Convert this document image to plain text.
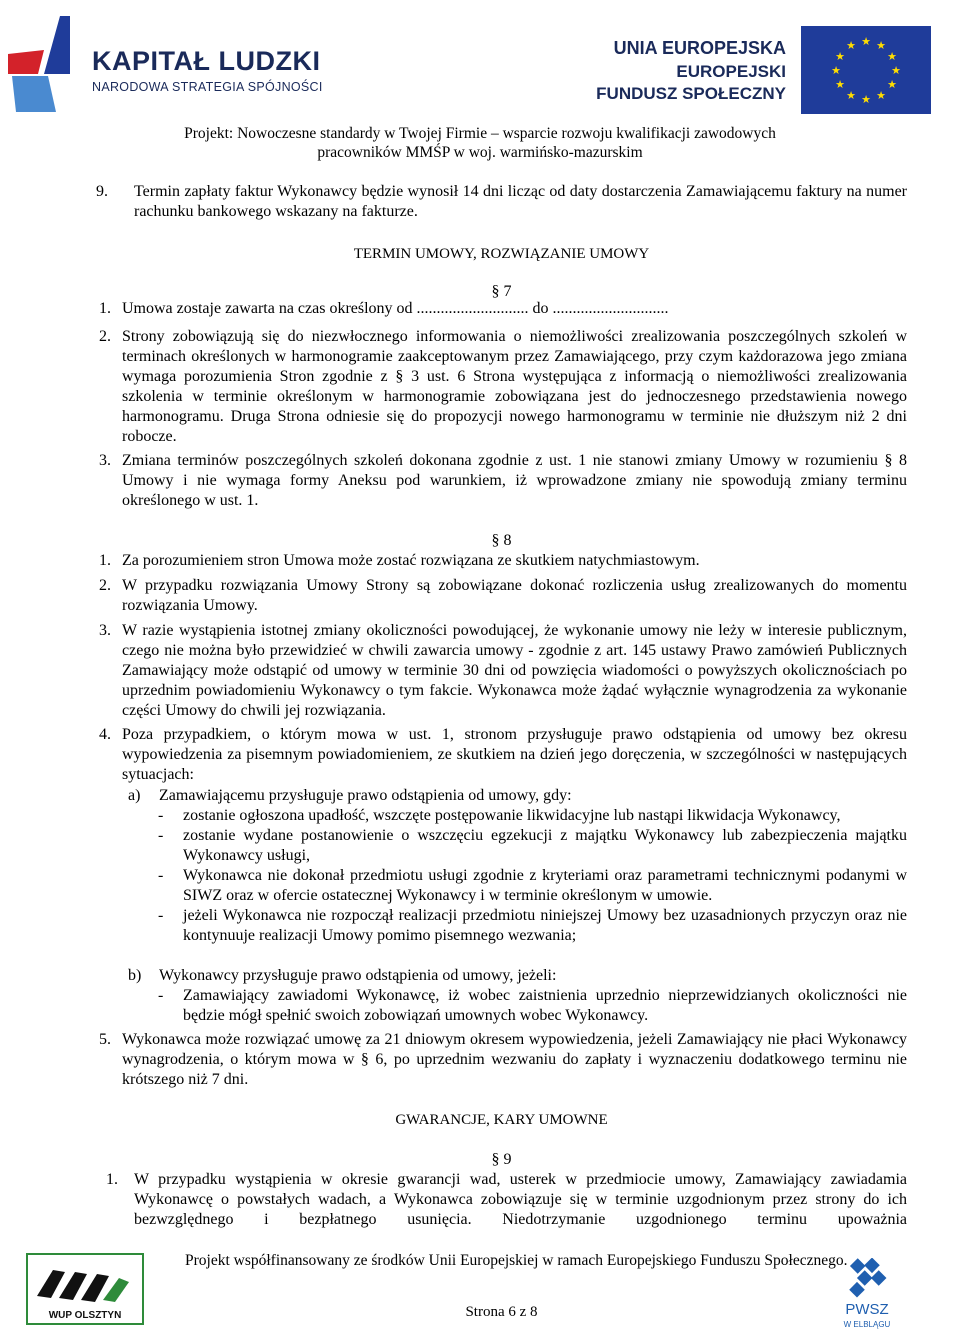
KAPITAŁ LUDZKI
NARODOWA STRATEGIA SPÓJNOŚCI
UNIA EUROPEJSKA
EUROPEJSKI
FUNDUSZ SPOŁECZNY
★ ★
★
★
★
★
★
★
★
★
★
★
Projekt: Nowoczesne standardy w Twojej Firmie – wsparcie rozwoju kwalifikacji zawodowych
pracowników MMŚP w woj. warmińsko-mazurskim
9. Termin zapłaty faktur Wykonawcy będzie wynosił 14 dni licząc od daty dostarczenia Zamawiającemu faktury na numer rachunku bankowego wskazany na fakturze.
TERMIN UMOWY, ROZWIĄZANIE UMOWY
§ 7
1. Umowa zostaje zawarta na czas określony od ............................ do .............................
2. Strony zobowiązują się do niezwłocznego informowania o niemożliwości zrealizowania poszczególnych szkoleń w terminach określonych w harmonogramie zaakceptowanym przez Zamawiającego, przy czym każdorazowa jego zmiana wymaga porozumienia Stron zgodnie z § 3 ust. 6 Strona występująca z informacją o niemożliwości zrealizowania szkolenia w terminie określonym w harmonogramie zobowiązana jest do jednoczesnego przedstawienia nowego harmonogramu. Druga Strona odniesie się do propozycji nowego harmonogramu w terminie nie dłuższym niż 2 dni robocze.
3. Zmiana terminów poszczególnych szkoleń dokonana zgodnie z ust. 1 nie stanowi zmiany Umowy w rozumieniu § 8 Umowy i nie wymaga formy Aneksu pod warunkiem, iż wprowadzone zmiany nie spowodują zmiany terminu określonego w ust. 1.
§ 8
1. Za porozumieniem stron Umowa może zostać rozwiązana ze skutkiem natychmiastowym.
2. W przypadku rozwiązania Umowy Strony są zobowiązane dokonać rozliczenia usług zrealizowanych do momentu rozwiązania Umowy.
3. W razie wystąpienia istotnej zmiany okoliczności powodującej, że wykonanie umowy nie leży w interesie publicznym, czego nie można było przewidzieć w chwili zawarcia umowy - zgodnie z art. 145 ustawy Prawo zamówień Publicznych Zamawiający może odstąpić od umowy w terminie 30 dni od powzięcia wiadomości o powyższych okolicznościach po uprzednim powiadomieniu Wykonawcy o tym fakcie. Wykonawca może żądać wyłącznie wynagrodzenia za wykonanie części Umowy do chwili jej rozwiązania.
4. Poza przypadkiem, o którym mowa w ust. 1, stronom przysługuje prawo odstąpienia od umowy bez okresu wypowiedzenia za pisemnym powiadomieniem, ze skutkiem na dzień jego doręczenia, w szczególności w następujących sytuacjach:
a) Zamawiającemu przysługuje prawo odstąpienia od umowy, gdy:
- zostanie ogłoszona upadłość, wszczęte postępowanie likwidacyjne lub nastąpi likwidacja Wykonawcy,
- zostanie wydane postanowienie o wszczęciu egzekucji z majątku Wykonawcy lub zabezpieczenia majątku Wykonawcy usługi,
- Wykonawca nie dokonał przedmiotu usługi zgodnie z kryteriami oraz parametrami technicznymi podanymi w SIWZ oraz w ofercie ostatecznej Wykonawcy i w terminie określonym w umowie.
- jeżeli Wykonawca nie rozpoczął realizacji przedmiotu niniejszej Umowy bez uzasadnionych przyczyn oraz nie kontynuuje realizacji Umowy pomimo pisemnego wezwania;
b) Wykonawcy przysługuje prawo odstąpienia od umowy, jeżeli:
- Zamawiający zawiadomi Wykonawcę, iż wobec zaistnienia uprzednio nieprzewidzianych okoliczności nie będzie mógł spełnić swoich zobowiązań umownych wobec Wykonawcy.
5. Wykonawca może rozwiązać umowę za 21 dniowym okresem wypowiedzenia, jeżeli Zamawiający nie płaci Wykonawcy wynagrodzenia, o którym mowa w § 6, po uprzednim wezwaniu do zapłaty i wyznaczeniu dodatkowego terminu nie krótszego niż 7 dni.
GWARANCJE, KARY UMOWNE
§ 9
1. W przypadku wystąpienia w okresie gwarancji wad, usterek w przedmiocie umowy, Zamawiający zawiadamia Wykonawcę o powstałych wadach, a Wykonawca zobowiązuje się w terminie uzgodnionym przez strony do ich bezwzględnego i bezpłatnego usunięcia. Niedotrzymanie uzgodnionego terminu upoważnia
WUP OLSZTYN
Projekt współfinansowany ze środków Unii Europejskiej w ramach Europejskiego Funduszu Społecznego.
Strona 6 z 8	PWSZ
W ELBLĄGU
